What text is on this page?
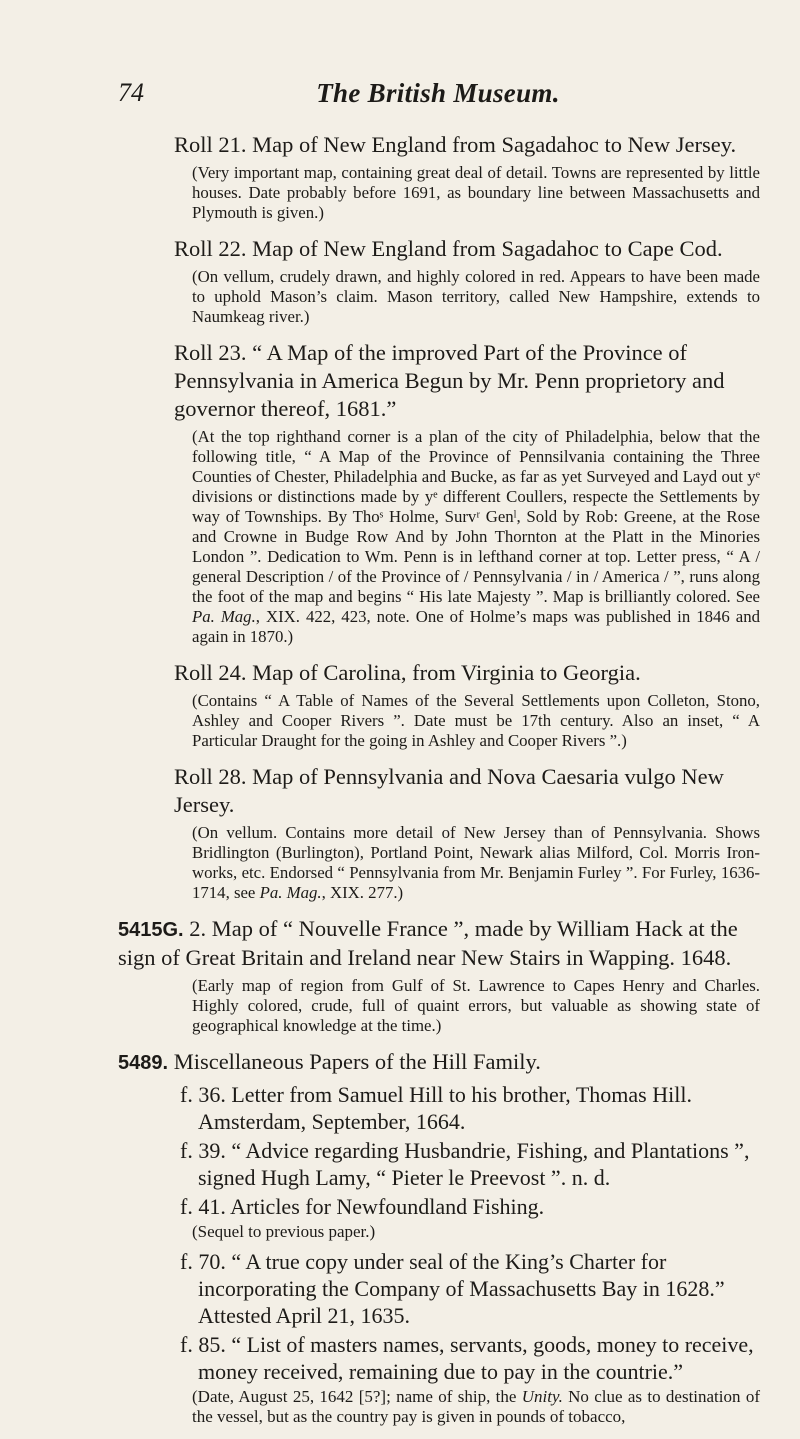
74	The British Museum.
Roll 21. Map of New England from Sagadahoc to New Jersey.
(Very important map, containing great deal of detail. Towns are represented by little houses. Date probably before 1691, as boundary line between Massachusetts and Plymouth is given.)
Roll 22. Map of New England from Sagadahoc to Cape Cod.
(On vellum, crudely drawn, and highly colored in red. Appears to have been made to uphold Mason’s claim. Mason territory, called New Hampshire, extends to Naumkeag river.)
Roll 23. “ A Map of the improved Part of the Province of Pennsylvania in America Begun by Mr. Penn proprietory and governor thereof, 1681.”
(At the top righthand corner is a plan of the city of Philadelphia, below that the following title, “ A Map of the Province of Pennsilvania containing the Three Counties of Chester, Philadelphia and Bucke, as far as yet Surveyed and Layd out yᵉ divisions or distinctions made by yᵉ different Coullers, respecte the Settlements by way of Townships. By Thoˢ Holme, Survʳ Genˡ, Sold by Rob: Greene, at the Rose and Crowne in Budge Row And by John Thornton at the Platt in the Minories London ”. Dedication to Wm. Penn is in lefthand corner at top. Letter press, “ A / general Description / of the Province of / Pennsylvania / in / America / ”, runs along the foot of the map and begins “ His late Majesty ”. Map is brilliantly colored. See Pa. Mag., XIX. 422, 423, note. One of Holme’s maps was published in 1846 and again in 1870.)
Roll 24. Map of Carolina, from Virginia to Georgia.
(Contains “ A Table of Names of the Several Settlements upon Colleton, Stono, Ashley and Cooper Rivers ”. Date must be 17th century. Also an inset, “ A Particular Draught for the going in Ashley and Cooper Rivers ”.)
Roll 28. Map of Pennsylvania and Nova Caesaria vulgo New Jersey.
(On vellum. Contains more detail of New Jersey than of Pennsylvania. Shows Bridlington (Burlington), Portland Point, Newark alias Milford, Col. Morris Iron-works, etc. Endorsed “ Pennsylvania from Mr. Benjamin Furley ”. For Furley, 1636-1714, see Pa. Mag., XIX. 277.)
5415G. 2. Map of “ Nouvelle France ”, made by William Hack at the sign of Great Britain and Ireland near New Stairs in Wapping. 1648.
(Early map of region from Gulf of St. Lawrence to Capes Henry and Charles. Highly colored, crude, full of quaint errors, but valuable as showing state of geographical knowledge at the time.)
5489. Miscellaneous Papers of the Hill Family.
f. 36. Letter from Samuel Hill to his brother, Thomas Hill. Amsterdam, September, 1664.
f. 39. “ Advice regarding Husbandrie, Fishing, and Plantations ”, signed Hugh Lamy, “ Pieter le Preevost ”. n. d.
f. 41. Articles for Newfoundland Fishing.
(Sequel to previous paper.)
f. 70. “ A true copy under seal of the King’s Charter for incorporating the Company of Massachusetts Bay in 1628.” Attested April 21, 1635.
f. 85. “ List of masters names, servants, goods, money to receive, money received, remaining due to pay in the countrie.”
(Date, August 25, 1642 [5?]; name of ship, the Unity. No clue as to destination of the vessel, but as the country pay is given in pounds of tobacco,
